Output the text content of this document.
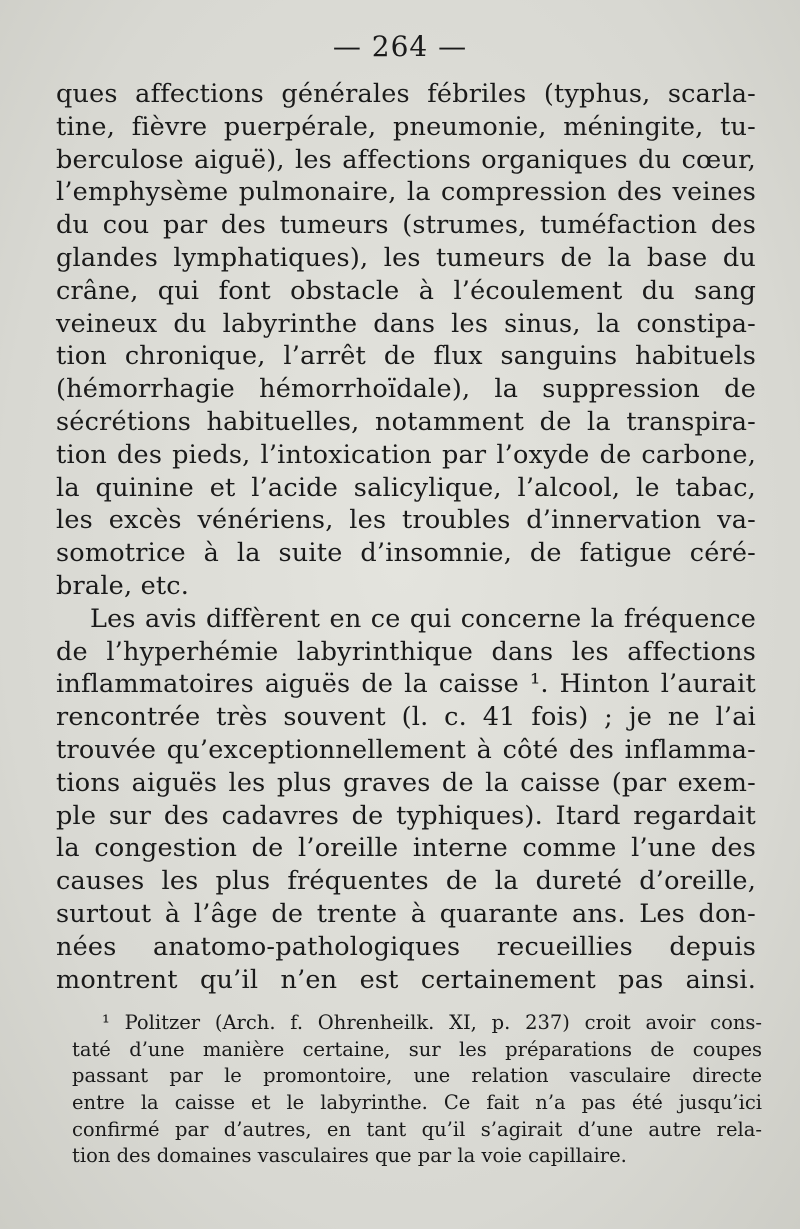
— 264 —
ques affections générales fébriles (typhus, scarla-
tine, fièvre puerpérale, pneumonie, méningite, tu-
berculose aiguë), les affections organiques du cœur,
l’emphysème pulmonaire, la compression des veines
du cou par des tumeurs (strumes, tuméfaction des
glandes lymphatiques), les tumeurs de la base du
crâne, qui font obstacle à l’écoulement du sang
veineux du labyrinthe dans les sinus, la constipa-
tion chronique, l’arrêt de flux sanguins habituels
(hémorrhagie hémorrhoïdale), la suppression de
sécrétions habituelles, notamment de la transpira-
tion des pieds, l’intoxication par l’oxyde de carbone,
la quinine et l’acide salicylique, l’alcool, le tabac,
les excès vénériens, les troubles d’innervation va-
somotrice à la suite d’insomnie, de fatigue céré-
brale, etc.
Les avis diffèrent en ce qui concerne la fréquence
de l’hyperhémie labyrinthique dans les affections
inflammatoires aiguës de la caisse ¹. Hinton l’aurait
rencontrée très souvent (l. c. 41 fois) ; je ne l’ai
trouvée qu’exceptionnellement à côté des inflamma-
tions aiguës les plus graves de la caisse (par exem-
ple sur des cadavres de typhiques). Itard regardait
la congestion de l’oreille interne comme l’une des
causes les plus fréquentes de la dureté d’oreille,
surtout à l’âge de trente à quarante ans. Les don-
nées anatomo-pathologiques recueillies depuis
montrent qu’il n’en est certainement pas ainsi.
¹ Politzer (Arch. f. Ohrenheilk. XI, p. 237) croit avoir cons-
taté d’une manière certaine, sur les préparations de coupes
passant par le promontoire, une relation vasculaire directe
entre la caisse et le labyrinthe. Ce fait n’a pas été jusqu’ici
confirmé par d’autres, en tant qu’il s’agirait d’une autre rela-
tion des domaines vasculaires que par la voie capillaire.
